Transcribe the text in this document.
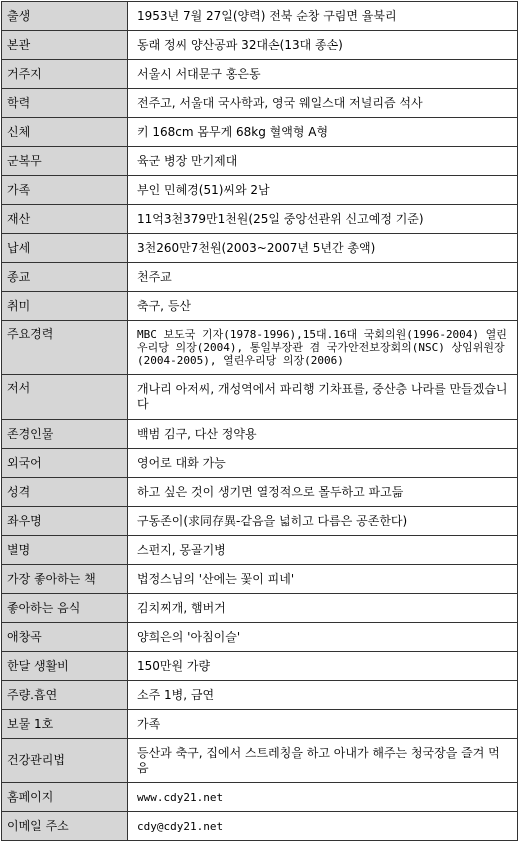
출생	1953년 7월 27일(양력) 전북 순창 구림면 율북리
본관	동래 정씨 양산공파 32대손(13대 종손)
거주지	서울시 서대문구 홍은동
학력	전주고, 서울대 국사학과, 영국 웨일스대 저널리즘 석사
신체	키 168cm 몸무게 68kg 혈액형 A형
군복무	육군 병장 만기제대
가족	부인 민혜경(51)씨와 2남
재산	11억3천379만1천원(25일 중앙선관위 신고예정 기준)
납세	3천260만7천원(2003~2007년 5년간 총액)
종교	천주교
취미	축구, 등산
주요경력	MBC 보도국 기자(1978-1996),15대.16대 국회의원(1996-2004) 열린우리당 의장(2004), 통일부장관 겸 국가안전보장회의(NSC) 상임위원장(2004-2005), 열린우리당 의장(2006)
저서	개나리 아저씨, 개성역에서 파리행 기차표를, 중산층 나라를 만들겠습니다
존경인물	백범 김구, 다산 정약용
외국어	영어로 대화 가능
성격	하고 싶은 것이 생기면 열정적으로 몰두하고 파고듦
좌우명	구동존이(求同存異-같음을 넓히고 다름은 공존한다)
별명	스펀지, 몽골기병
가장 좋아하는 책	법정스님의 '산에는 꽃이 피네'
좋아하는 음식	김치찌개, 햄버거
애창곡	양희은의 '아침이슬'
한달 생활비	150만원 가량
주량.흡연	소주 1병, 금연
보물 1호	가족
건강관리법	등산과 축구, 집에서 스트레칭을 하고 아내가 해주는 청국장을 즐겨 먹음
홈페이지	www.cdy21.net
이메일 주소	cdy@cdy21.net
